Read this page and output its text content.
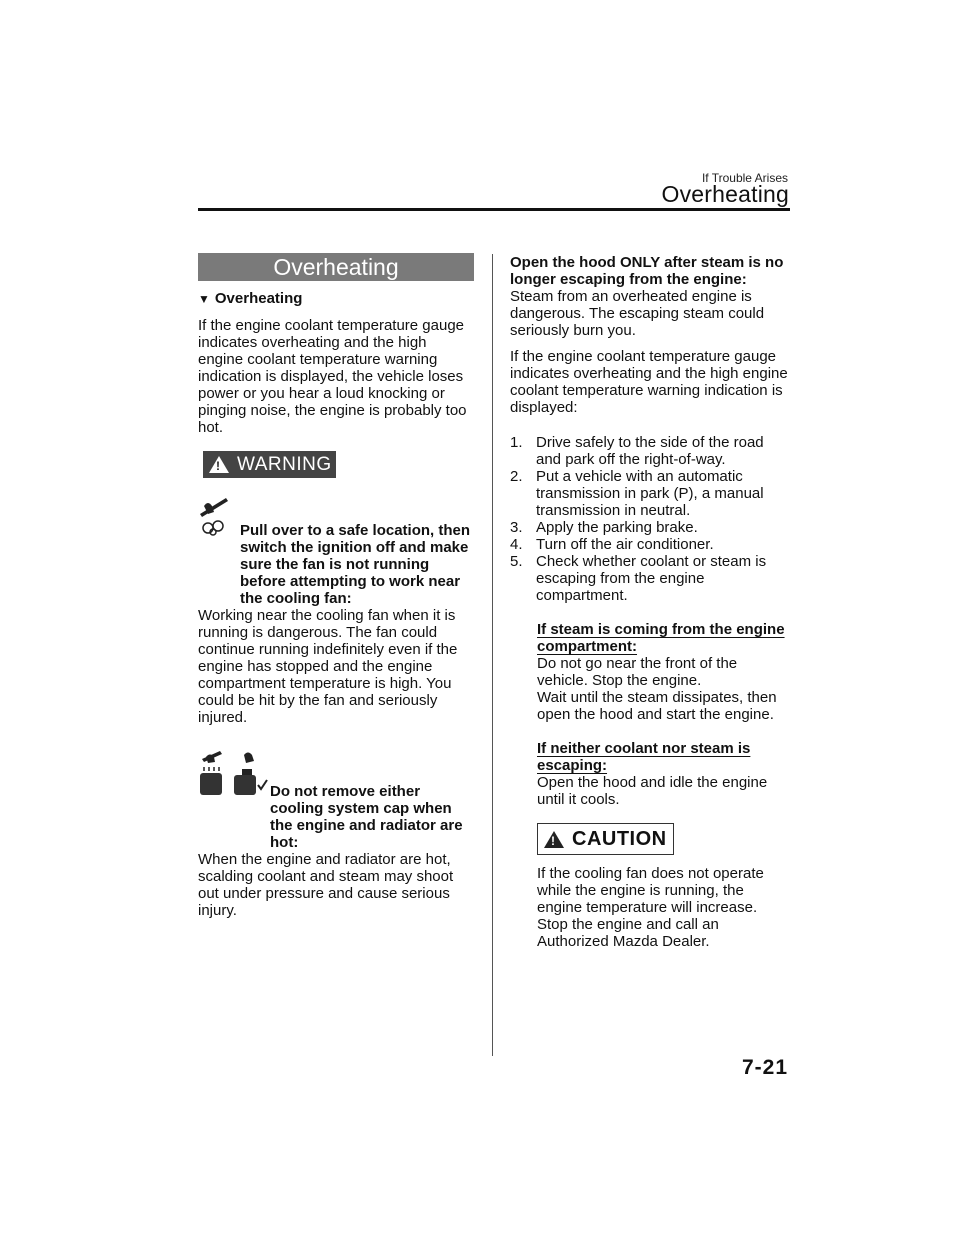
If Trouble Arises
Overheating
Overheating
▼ Overheating

If the engine coolant temperature gauge indicates overheating and the high engine coolant temperature warning indication is displayed, the vehicle loses power or you hear a loud knocking or pinging noise, the engine is probably too hot.

! WARNING

Pull over to a safe location, then switch the ignition off and make sure the fan is not running before attempting to work near the cooling fan:

Working near the cooling fan when it is running is dangerous. The fan could continue running indefinitely even if the engine has stopped and the engine compartment temperature is high. You could be hit by the fan and seriously injured.

Do not remove either cooling system cap when the engine and radiator are hot:

When the engine and radiator are hot, scalding coolant and steam may shoot out under pressure and cause serious injury.

Open the hood ONLY after steam is no longer escaping from the engine:

Steam from an overheated engine is dangerous. The escaping steam could seriously burn you.

If the engine coolant temperature gauge indicates overheating and the high engine coolant temperature warning indication is displayed:

1. Drive safely to the side of the road and park off the right-of-way.
2. Put a vehicle with an automatic transmission in park (P), a manual transmission in neutral.
3. Apply the parking brake.
4. Turn off the air conditioner.
5. Check whether coolant or steam is escaping from the engine compartment.

If steam is coming from the engine compartment:

Do not go near the front of the vehicle. Stop the engine.

Wait until the steam dissipates, then open the hood and start the engine.

If neither coolant nor steam is escaping:

Open the hood and idle the engine until it cools.

! CAUTION

If the cooling fan does not operate while the engine is running, the engine temperature will increase. Stop the engine and call an Authorized Mazda Dealer.

7-21
